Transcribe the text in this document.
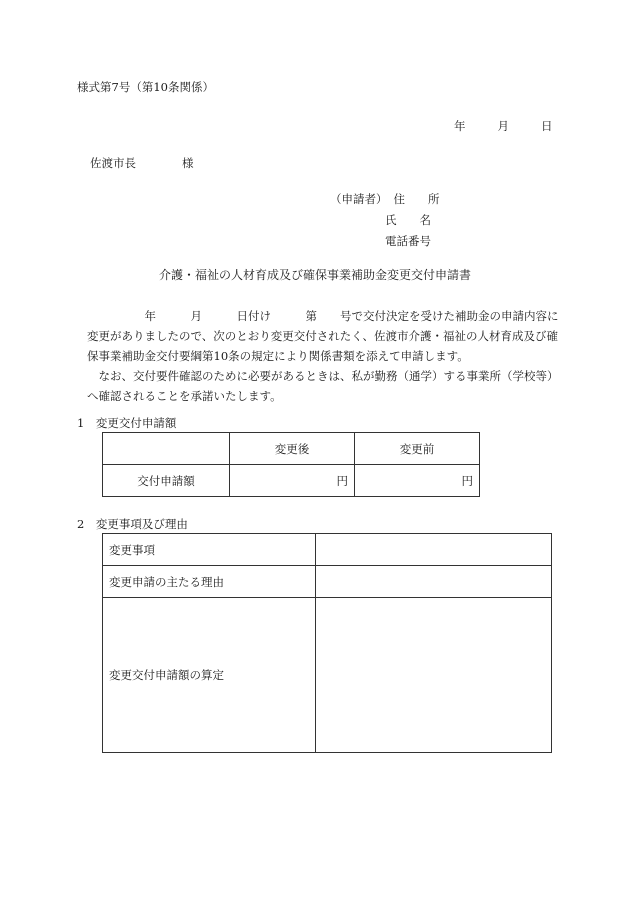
様式第7号（第10条関係）
年	月	日
佐渡市長	様
（申請者） 住　　所
氏　　名
電話番号
介護・福祉の人材育成及び確保事業補助金変更交付申請書

　　　　　年　　　月　　　日付け　　　第　　号で交付決定を受けた補助金の申請内容に変更がありましたので、次のとおり変更交付されたく、佐渡市介護・福祉の人材育成及び確保事業補助金交付要綱第10条の規定により関係書類を添えて申請します。

　なお、交付要件確認のために必要があるときは、私が勤務（通学）する事業所（学校等）へ確認されることを承諾いたします。

1　変更交付申請額
	変更後	変更前
交付申請額	円	円
2　変更事項及び理由
変更事項	
変更申請の主たる理由	
変更交付申請額の算定	
